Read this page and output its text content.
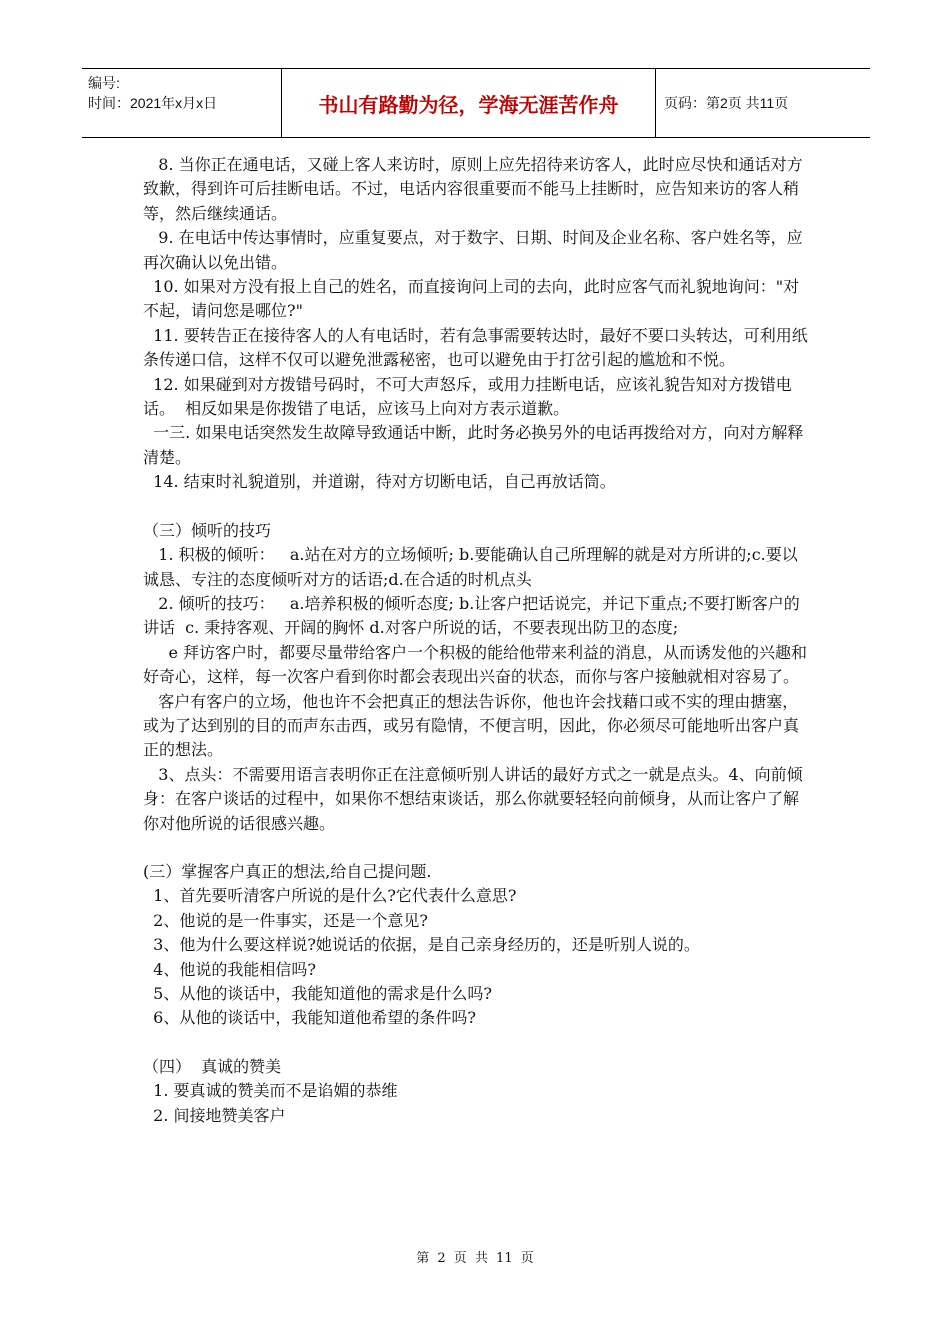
编号:
时间：2021年x月x日	书山有路勤为径，学海无涯苦作舟	页码：第2页 共11页

8. 当你正在通电话，又碰上客人来访时，原则上应先招待来访客人，此时应尽快和通话对方致歉，得到许可后挂断电话。不过，电话内容很重要而不能马上挂断时，应告知来访的客人稍等，然后继续通话。

9. 在电话中传达事情时，应重复要点，对于数字、日期、时间及企业名称、客户姓名等，应再次确认以免出错。

10. 如果对方没有报上自己的姓名，而直接询问上司的去向，此时应客气而礼貌地询问："对不起，请问您是哪位?"

11. 要转告正在接待客人的人有电话时，若有急事需要转达时，最好不要口头转达，可利用纸条传递口信，这样不仅可以避免泄露秘密，也可以避免由于打岔引起的尴尬和不悦。

12. 如果碰到对方拨错号码时，不可大声怒斥，或用力挂断电话，应该礼貌告知对方拨错电话。  相反如果是你拨错了电话，应该马上向对方表示道歉。

一三. 如果电话突然发生故障导致通话中断，此时务必换另外的电话再拨给对方，向对方解释清楚。

14. 结束时礼貌道别，并道谢，待对方切断电话，自己再放话筒。

（三）倾听的技巧

1. 积极的倾听：   a.站在对方的立场倾听; b.要能确认自己所理解的就是对方所讲的;c.要以诚恳、专注的态度倾听对方的话语;d.在合适的时机点头

2. 倾听的技巧：   a.培养积极的倾听态度; b.让客户把话说完，并记下重点;不要打断客户的讲话  c. 秉持客观、开阔的胸怀 d.对客户所说的话，不要表现出防卫的态度;

e 拜访客户时，都要尽量带给客户一个积极的能给他带来利益的消息，从而诱发他的兴趣和好奇心，这样，每一次客户看到你时都会表现出兴奋的状态，而你与客户接触就相对容易了。

客户有客户的立场，他也许不会把真正的想法告诉你，他也许会找藉口或不实的理由搪塞，或为了达到别的目的而声东击西，或另有隐情，不便言明，因此，你必须尽可能地听出客户真正的想法。

3、点头：不需要用语言表明你正在注意倾听别人讲话的最好方式之一就是点头。4、向前倾身：在客户谈话的过程中，如果你不想结束谈话，那么你就要轻轻向前倾身，从而让客户了解你对他所说的话很感兴趣。

(三）掌握客户真正的想法,给自己提问题.

1、首先要听清客户所说的是什么?它代表什么意思?

2、他说的是一件事实，还是一个意见?

3、他为什么要这样说?她说话的依据，是自己亲身经历的，还是听别人说的。

4、他说的我能相信吗?

5、从他的谈话中，我能知道他的需求是什么吗?

6、从他的谈话中，我能知道他希望的条件吗?

（四）  真诚的赞美

1. 要真诚的赞美而不是谄媚的恭维

2. 间接地赞美客户

第 2 页 共 11 页
